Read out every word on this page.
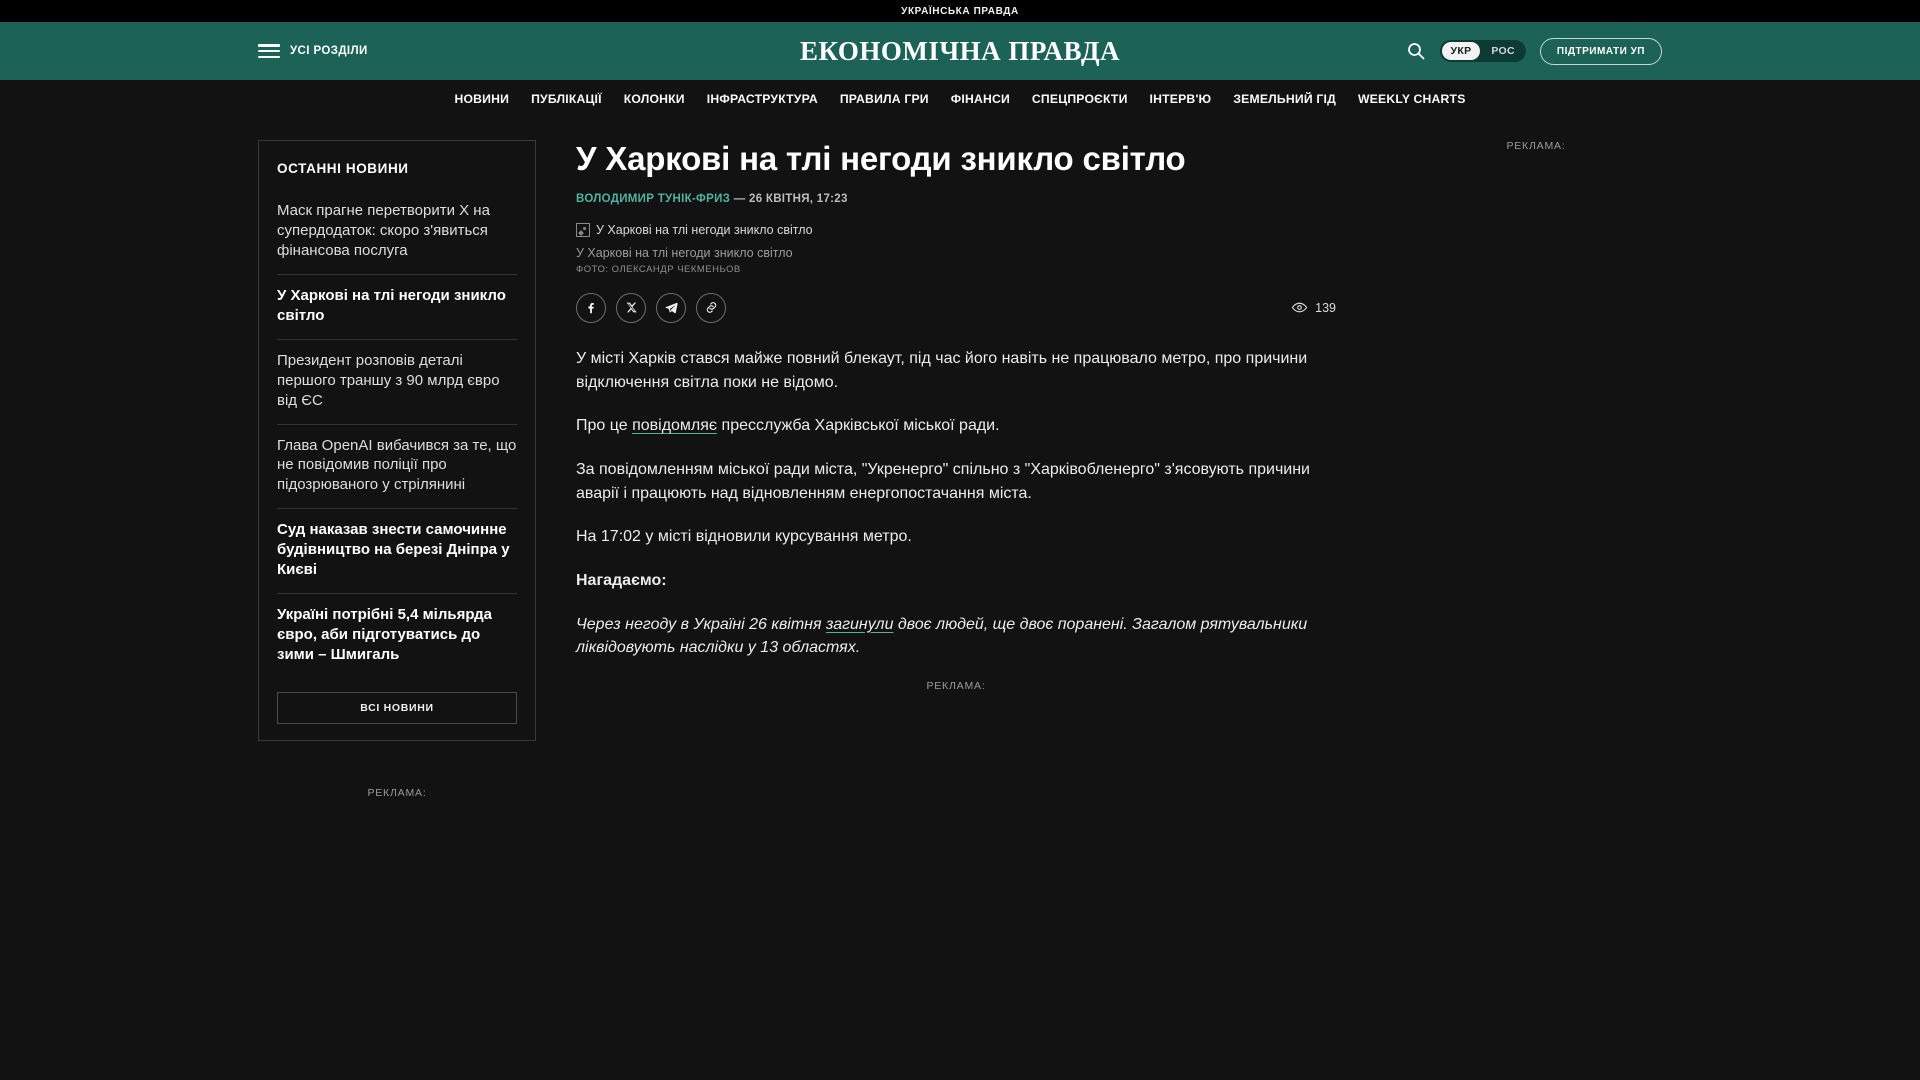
УКРАЇНСЬКА ПРАВДА
УСІ РОЗДІЛИ	ЕКОНОМІЧНА ПРАВДА	УКР	РОС	ПІДТРИМАТИ УП
НОВИНИ ПУБЛІКАЦІЇ КОЛОНКИ ІНФРАСТРУКТУРА ПРАВИЛА ГРИ ФІНАНСИ СПЕЦПРОЄКТИ ІНТЕРВ'Ю ЗЕМЕЛЬНИЙ ГІД WEEKLY CHARTS
ОСТАННІ НОВИНИ
Маск прагне перетворити X на супердодаток: скоро з'явиться фінансова послуга
У Харкові на тлі негоди зникло світло
Президент розповів деталі першого траншу з 90 млрд євро від ЄС
Глава OpenAI вибачився за те, що не повідомив поліції про підозрюваного у стрілянині
Суд наказав знести самочинне будівництво на березі Дніпра у Києві
Україні потрібні 5,4 мільярда євро, аби підготуватись до зими – Шмигаль
ВСІ НОВИНИ
РЕКЛАМА:
У Харкові на тлі негоди зникло світло
ВОЛОДИМИР ТУНІК-ФРИЗ — 26 КВІТНЯ, 17:23
У Харкові на тлі негоди зникло світло
У Харкові на тлі негоди зникло світло
ФОТО: ОЛЕКСАНДР ЧЕКМЕНЬОВ
139

У місті Харків стався майже повний блекаут, під час його навіть не працювало метро, про причини відключення світла поки не відомо.

Про це повідомляє пресслужба Харківської міської ради.

За повідомленням міської ради міста, "Укренерго" спільно з "Харківобленерго" з'ясовують причини аварії і працюють над відновленням енергопостачання міста.

На 17:02 у місті відновили курсування метро.

Нагадаємо:

Через негоду в Україні 26 квітня загинули двоє людей, ще двоє поранені. Загалом рятувальники ліквідовують наслідки у 13 областях.

РЕКЛАМА:
РЕКЛАМА:
